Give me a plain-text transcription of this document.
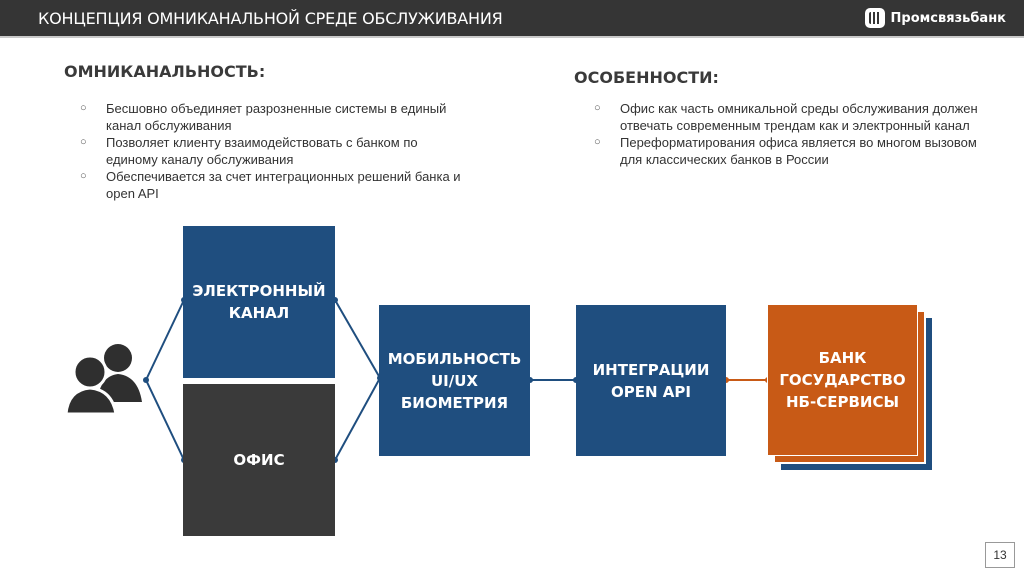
КОНЦЕПЦИЯ ОМНИКАНАЛЬНОЙ СРЕДЕ ОБСЛУЖИВАНИЯ	Промсвязьбанк
ОМНИКАНАЛЬНОСТЬ:
○ Бесшовно объединяет разрозненные системы в единый канал обслуживания
○ Позволяет клиенту взаимодействовать с банком по единому каналу обслуживания
○ Обеспечивается за счет интеграционных решений банка и open API
ОСОБЕННОСТИ:
○ Офис как часть омникальной среды обслуживания должен отвечать современным трендам как и электронный канал
○ Переформатирования офиса является во многом вызовом для классических банков в России
ЭЛЕКТРОННЫЙ
КАНАЛ
ОФИС
МОБИЛЬНОСТЬ
UI/UX
БИОМЕТРИЯ
ИНТЕГРАЦИИ
OPEN API
БАНК
ГОСУДАРСТВО
НБ-СЕРВИСЫ
13
